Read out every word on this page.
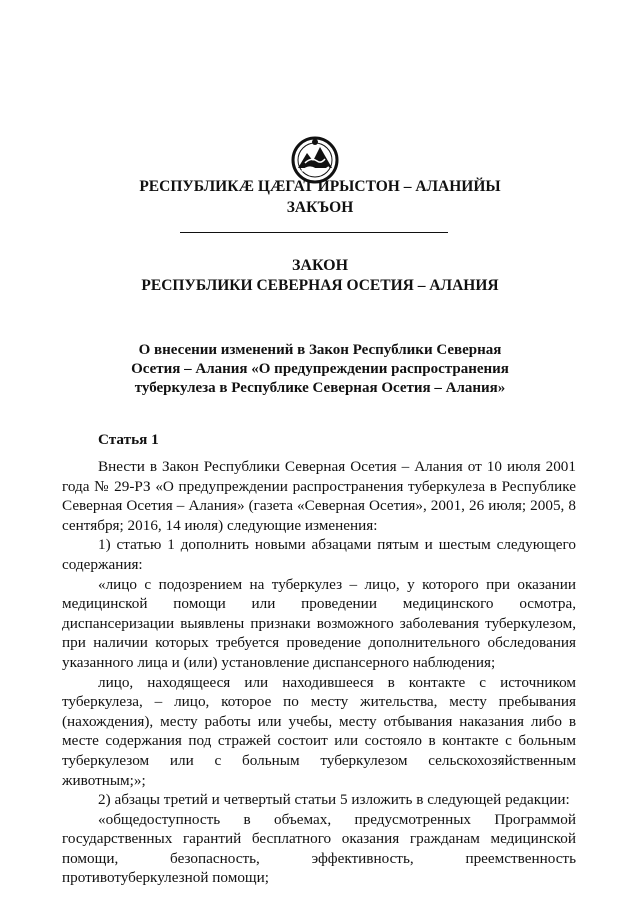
РЕСПУБЛИКӔ ЦӔГАТ ИРЫСТОН – АЛАНИЙЫ
ЗАКЪОН
ЗАКОН
РЕСПУБЛИКИ СЕВЕРНАЯ ОСЕТИЯ – АЛАНИЯ
О внесении изменений в Закон Республики Северная
Осетия – Алания «О предупреждении распространения
туберкулеза в Республике Северная Осетия – Алания»
Статья 1

Внести в Закон Республики Северная Осетия – Алания от 10 июля 2001 года № 29-РЗ «О предупреждении распространения туберкулеза в Республике Северная Осетия – Алания» (газета «Северная Осетия», 2001, 26 июля; 2005, 8 сентября; 2016, 14 июля) следующие изменения:

1) статью 1 дополнить новыми абзацами пятым и шестым следующего содержания:

«лицо с подозрением на туберкулез – лицо, у которого при оказании медицинской помощи или проведении медицинского осмотра, диспансеризации выявлены признаки возможного заболевания туберкулезом, при наличии которых требуется проведение дополнительного обследования указанного лица и (или) установление диспансерного наблюдения;

лицо, находящееся или находившееся в контакте с источником туберкулеза, – лицо, которое по месту жительства, месту пребывания (нахождения), месту работы или учебы, месту отбывания наказания либо в месте содержания под стражей состоит или состояло в контакте с больным туберкулезом или с больным туберкулезом сельскохозяйственным животным;»;

2) абзацы третий и четвертый статьи 5 изложить в следующей редакции:

«общедоступность в объемах, предусмотренных Программой государственных гарантий бесплатного оказания гражданам медицинской помощи, безопасность, эффективность, преемственность противотуберкулезной помощи;
